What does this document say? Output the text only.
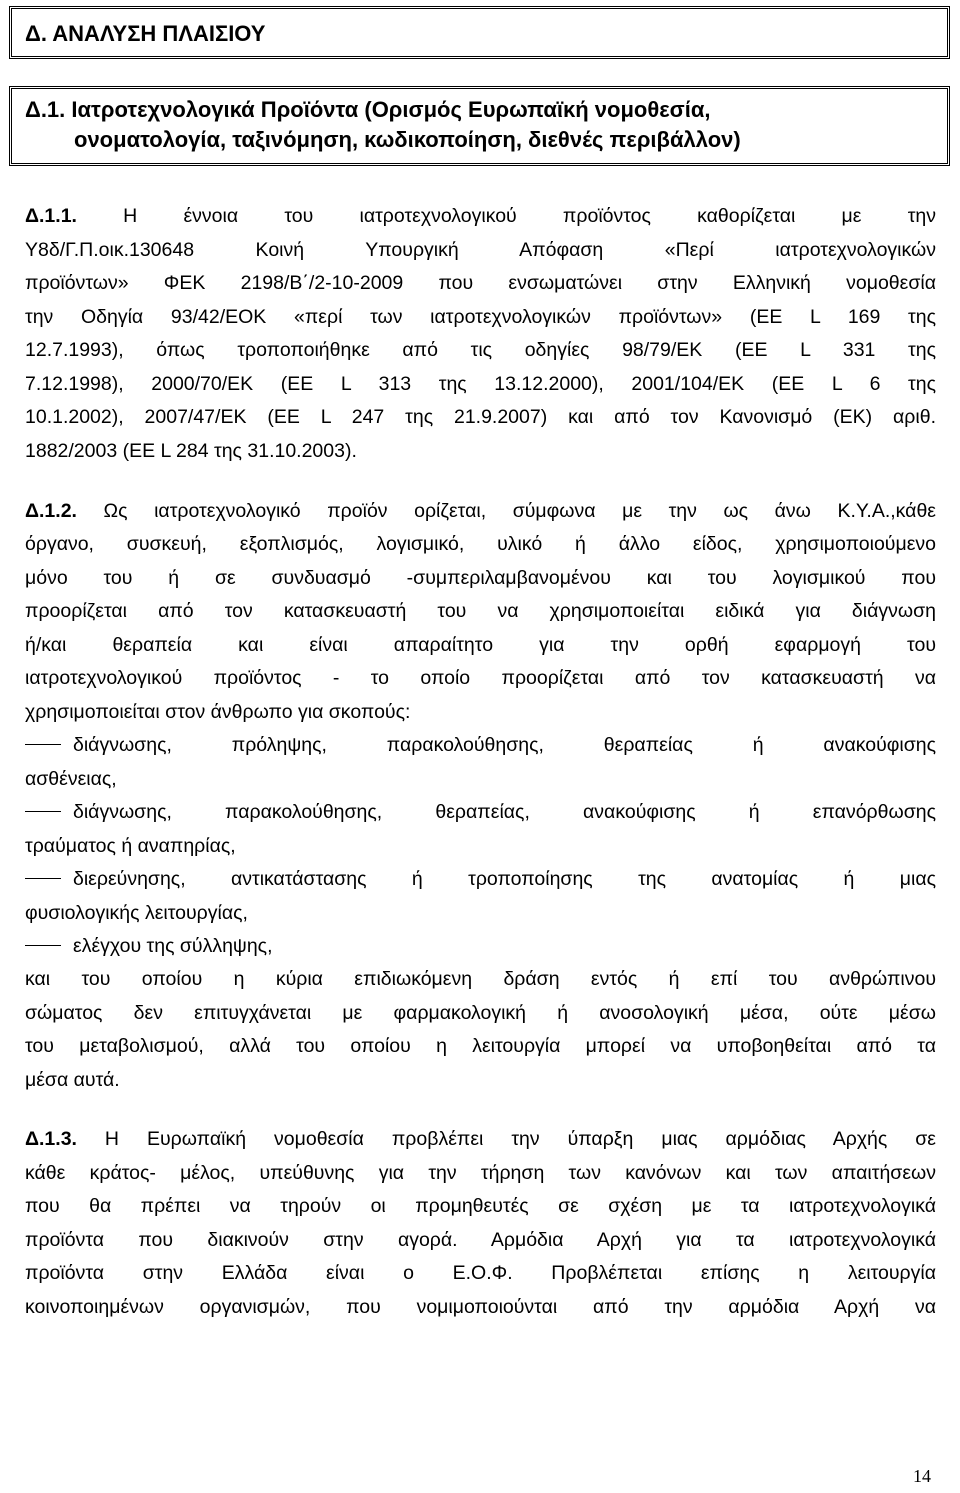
Δ. ΑΝΑΛΥΣΗ ΠΛΑΙΣΙΟΥ
Δ.1. Ιατροτεχνολογικά Προϊόντα (Ορισμός Ευρωπαϊκή νομοθεσία,
ονοματολογία, ταξινόμηση, κωδικοποίηση, διεθνές περιβάλλον)
Δ.1.1. Η έννοια του ιατροτεχνολογικού προϊόντος καθορίζεται με την
Υ8δ/Γ.Π.οικ.130648 Κοινή Υπουργική Απόφαση «Περί ιατροτεχνολογικών
προϊόντων» ΦΕΚ 2198/Β΄/2-10-2009 που ενσωματώνει στην Ελληνική νομοθεσία
την Οδηγία 93/42/ΕΟΚ «περί των ιατροτεχνολογικών προϊόντων» (ΕΕ L 169 της
12.7.1993), όπως τροποποιήθηκε από τις οδηγίες 98/79/ΕΚ (ΕΕ L 331 της
7.12.1998), 2000/70/ΕΚ (ΕΕ L 313 της 13.12.2000), 2001/104/ΕΚ (ΕΕ L 6 της
10.1.2002), 2007/47/ΕΚ (ΕΕ L 247 της 21.9.2007) και από τον Κανονισμό (ΕΚ) αριθ.
1882/2003 (ΕΕ L 284 της 31.10.2003).
Δ.1.2. Ως ιατροτεχνολογικό προϊόν ορίζεται, σύμφωνα με την ως άνω Κ.Υ.Α.,κάθε
όργανο, συσκευή, εξοπλισμός, λογισμικό, υλικό ή άλλο είδος, χρησιμοποιούμενο
μόνο του ή σε συνδυασμό -συμπεριλαμβανομένου και του λογισμικού που
προορίζεται από τον κατασκευαστή του να χρησιμοποιείται ειδικά για διάγνωση
ή/και θεραπεία και είναι απαραίτητο για την ορθή εφαρμογή του
ιατροτεχνολογικού προϊόντος - το οποίο προορίζεται από τον κατασκευαστή να
χρησιμοποιείται στον άνθρωπο για σκοπούς:
διάγνωσης, πρόληψης, παρακολούθησης, θεραπείας ή ανακούφισης
ασθένειας,
διάγνωσης, παρακολούθησης, θεραπείας, ανακούφισης ή επανόρθωσης
τραύματος ή αναπηρίας,
διερεύνησης, αντικατάστασης ή τροποποίησης της ανατομίας ή μιας
φυσιολογικής λειτουργίας,
ελέγχου της σύλληψης,
και του οποίου η κύρια επιδιωκόμενη δράση εντός ή επί του ανθρώπινου
σώματος δεν επιτυγχάνεται με φαρμακολογική ή ανοσολογική μέσα, ούτε μέσω
του μεταβολισμού, αλλά του οποίου η λειτουργία μπορεί να υποβοηθείται από τα
μέσα αυτά.
Δ.1.3. Η Ευρωπαϊκή νομοθεσία προβλέπει την ύπαρξη μιας αρμόδιας Αρχής σε
κάθε κράτος- μέλος, υπεύθυνης για την τήρηση των κανόνων και των απαιτήσεων
που θα πρέπει να τηρούν οι προμηθευτές σε σχέση με τα ιατροτεχνολογικά
προϊόντα που διακινούν στην αγορά. Αρμόδια Αρχή για τα ιατροτεχνολογικά
προϊόντα στην Ελλάδα είναι ο Ε.Ο.Φ. Προβλέπεται επίσης η λειτουργία
κοινοποιημένων οργανισμών, που νομιμοποιούνται από την αρμόδια Αρχή να
14
